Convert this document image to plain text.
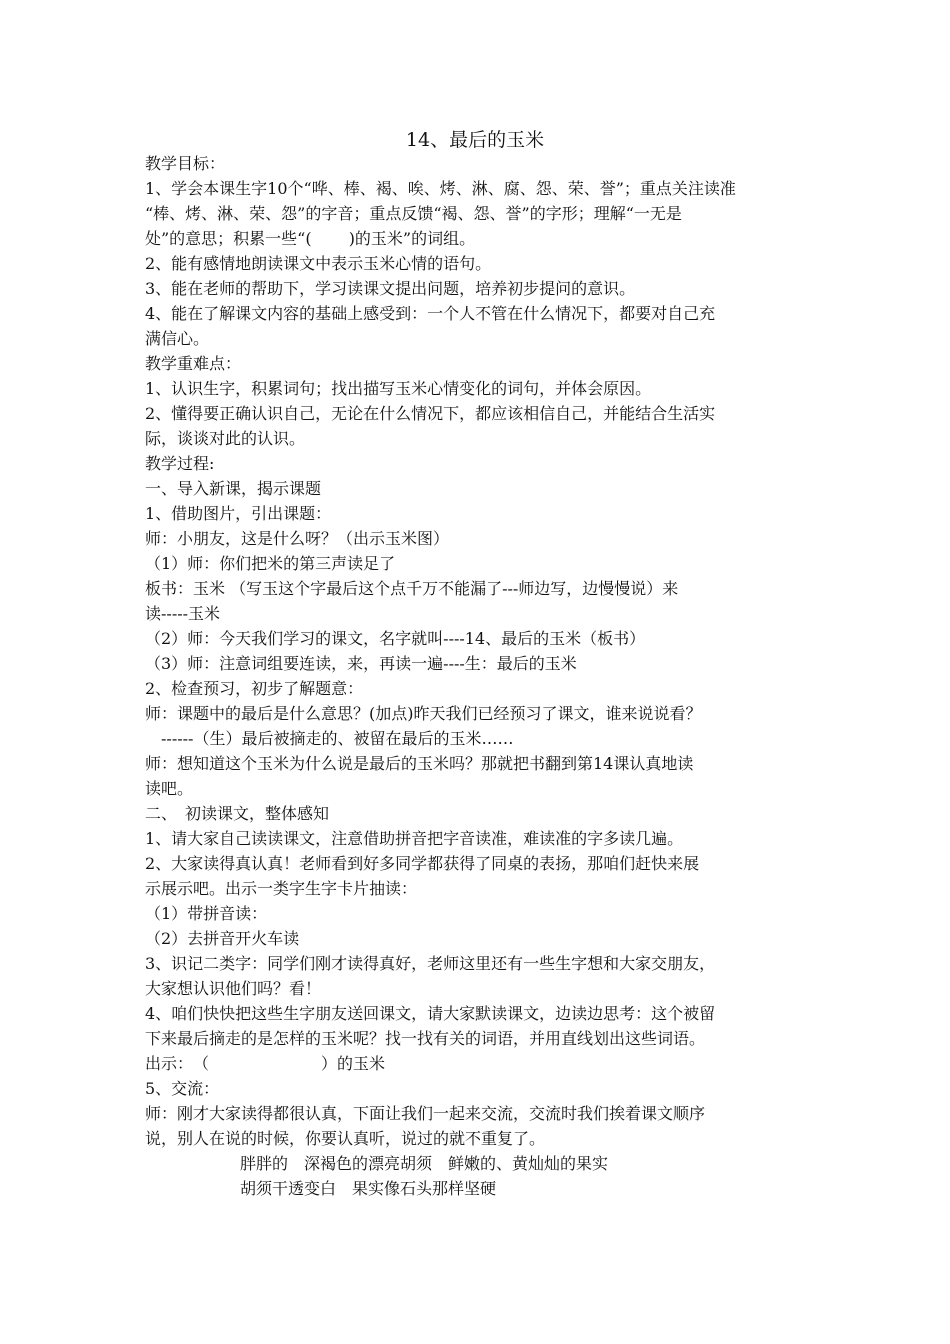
14、最后的玉米
教学目标：
1、学会本课生字10个“哗、棒、褐、唉、烤、淋、腐、怨、荣、誉”；重点关注读准
“棒、烤、淋、荣、怨”的字音；重点反馈“褐、怨、誉”的字形；理解“一无是
处”的意思；积累一些“(　　 )的玉米”的词组。
2、能有感情地朗读课文中表示玉米心情的语句。
3、能在老师的帮助下，学习读课文提出问题，培养初步提问的意识。
4、能在了解课文内容的基础上感受到：一个人不管在什么情况下，都要对自己充
满信心。
教学重难点：
1、认识生字，积累词句；找出描写玉米心情变化的词句，并体会原因。
2、懂得要正确认识自己，无论在什么情况下，都应该相信自己，并能结合生活实
际，谈谈对此的认识。
教学过程:
一、导入新课，揭示课题
1、借助图片，引出课题：
师：小朋友，这是什么呀？（出示玉米图）
（1）师：你们把米的第三声读足了
板书：玉米 （写玉这个字最后这个点千万不能漏了---师边写，边慢慢说）来
读-----玉米
（2）师：今天我们学习的课文，名字就叫----14、最后的玉米（板书）
（3）师：注意词组要连读，来，再读一遍----生：最后的玉米
2、检查预习，初步了解题意：
师：课题中的最后是什么意思？(加点)昨天我们已经预习了课文，谁来说说看？
　------（生）最后被摘走的、被留在最后的玉米……
师：想知道这个玉米为什么说是最后的玉米吗？那就把书翻到第14课认真地读
读吧。
二、　初读课文，整体感知
1、请大家自己读读课文，注意借助拼音把字音读准，难读准的字多读几遍。
2、大家读得真认真！老师看到好多同学都获得了同桌的表扬，那咱们赶快来展
示展示吧。出示一类字生字卡片抽读：
（1）带拼音读：
（2）去拼音开火车读
3、识记二类字：同学们刚才读得真好，老师这里还有一些生字想和大家交朋友，
大家想认识他们吗？看！
4、咱们快快把这些生字朋友送回课文，请大家默读课文，边读边思考：这个被留
下来最后摘走的是怎样的玉米呢？找一找有关的词语，并用直线划出这些词语。
出示：　（　　　　　　　）的玉米
5、交流：
师：刚才大家读得都很认真，下面让我们一起来交流，交流时我们挨着课文顺序
说，别人在说的时候，你要认真听，说过的就不重复了。
胖胖的　深褐色的漂亮胡须　鲜嫩的、黄灿灿的果实
胡须干透变白　果实像石头那样坚硬
